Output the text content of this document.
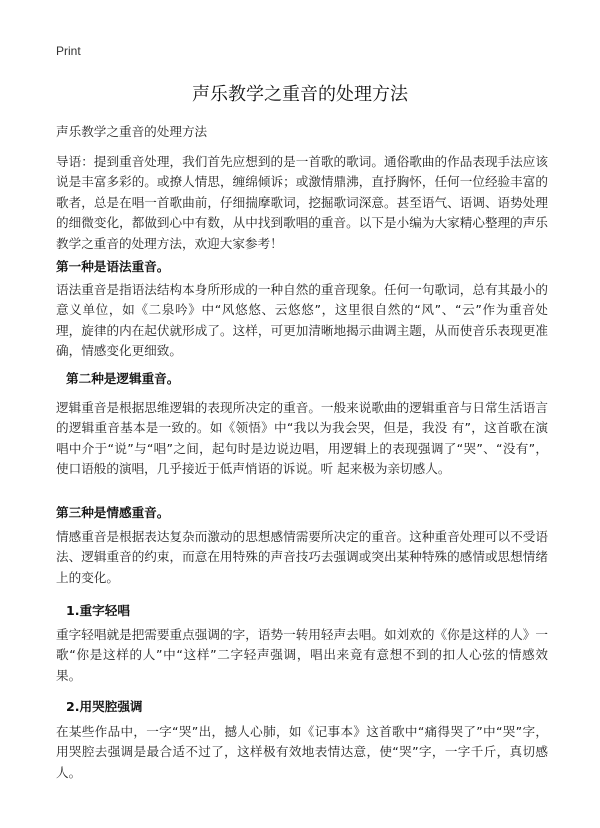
Print
声乐教学之重音的处理方法

声乐教学之重音的处理方法

导语：提到重音处理，我们首先应想到的是一首歌的歌词。通俗歌曲的作品表现手法应该说是丰富多彩的。或撩人情思，缠绵倾诉；或激情鼎沸，直抒胸怀，任何一位经验丰富的歌者，总是在唱一首歌曲前，仔细揣摩歌词，挖掘歌词深意。甚至语气、语调、语势处理的细微变化，都做到心中有数，从中找到歌唱的重音。以下是小编为大家精心整理的声乐教学之重音的处理方法，欢迎大家参考！

第一种是语法重音。

语法重音是指语法结构本身所形成的一种自然的重音现象。任何一句歌词，总有其最小的意义单位，如《二泉吟》中“风悠悠、云悠悠”，这里很自然的“风”、“云”作为重音处理，旋律的内在起伏就形成了。这样，可更加清晰地揭示曲调主题，从而使音乐表现更准确，情感变化更细致。

第二种是逻辑重音。

逻辑重音是根据思维逻辑的表现所决定的重音。一般来说歌曲的逻辑重音与日常生活语言的逻辑重音基本是一致的。如《领悟》中“我以为我会哭，但是，我没 有”，这首歌在演唱中介于“说”与“唱”之间，起句时是边说边唱，用逻辑上的表现强调了“哭”、“没有”，使口语般的演唱，几乎接近于低声悄语的诉说。听 起来极为亲切感人。

第三种是情感重音。

情感重音是根据表达复杂而激动的思想感情需要所决定的重音。这种重音处理可以不受语法、逻辑重音的约束，而意在用特殊的声音技巧去强调或突出某种特殊的感情或思想情绪上的变化。

1.重字轻唱

重字轻唱就是把需要重点强调的字，语势一转用轻声去唱。如刘欢的《你是这样的人》一歌“你是这样的人”中“这样”二字轻声强调，唱出来竟有意想不到的扣人心弦的情感效果。

2.用哭腔强调

在某些作品中，一字“哭”出，撼人心肺，如《记事本》这首歌中“痛得哭了”中“哭”字，用哭腔去强调是最合适不过了，这样极有效地表情达意，使“哭”字，一字千斤，真切感人。
